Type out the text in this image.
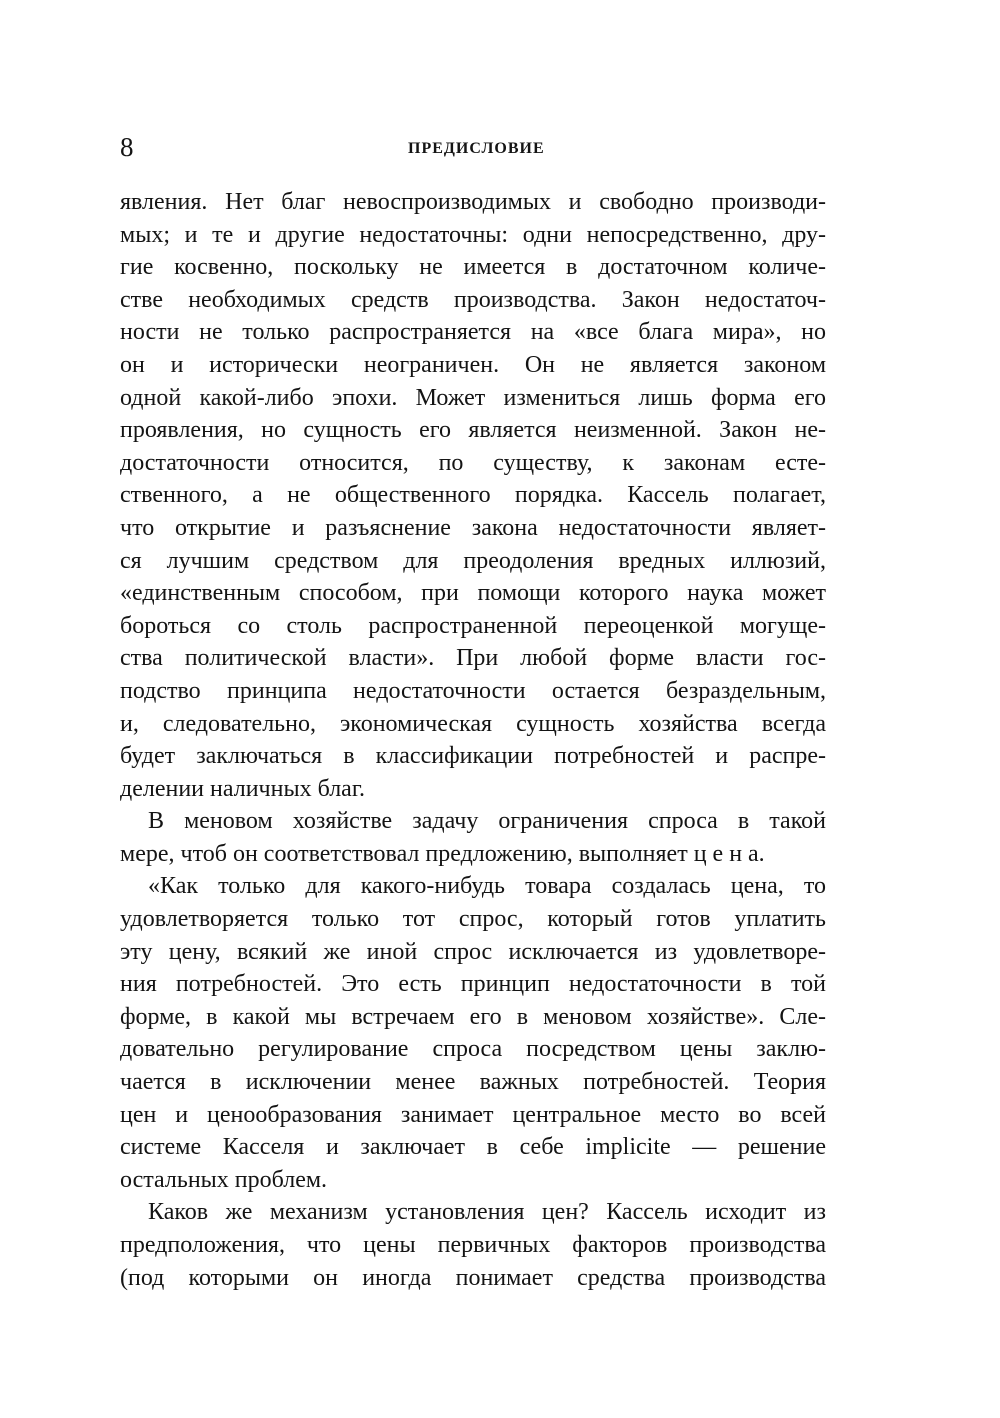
8	ПРЕДИСЛОВИЕ
явления. Нет благ невоспроизводимых и свободно производи-
мых; и те и другие недостаточны: одни непосредственно, дру-
гие косвенно, поскольку не имеется в достаточном количе-
стве необходимых средств производства. Закон недостаточ-
ности не только распространяется на «все блага мира», но
он и исторически неограничен. Он не является законом
одной какой-либо эпохи. Может измениться лишь форма его
проявления, но сущность его является неизменной. Закон не-
достаточности относится, по существу, к законам есте-
ственного, а не общественного порядка. Кассель полагает,
что открытие и разъяснение закона недостаточности являет-
ся лучшим средством для преодоления вредных иллюзий,
«единственным способом, при помощи которого наука может
бороться со столь распространенной переоценкой могуще-
ства политической власти». При любой форме власти гос-
подство принципа недостаточности остается безраздельным,
и, следовательно, экономическая сущность хозяйства всегда
будет заключаться в классификации потребностей и распре-
делении наличных благ.
В меновом хозяйстве задачу ограничения спроса в такой
мере, чтоб он соответствовал предложению, выполняет ц е н а.
«Как только для какого-нибудь товара создалась цена, то
удовлетворяется только тот спрос, который готов уплатить
эту цену, всякий же иной спрос исключается из удовлетворе-
ния потребностей. Это есть принцип недостаточности в той
форме, в какой мы встречаем его в меновом хозяйстве». Сле-
довательно регулирование спроса посредством цены заклю-
чается в исключении менее важных потребностей. Теория
цен и ценообразования занимает центральное место во всей
системе Касселя и заключает в себе implicite — решение
остальных проблем.
Каков же механизм установления цен? Кассель исходит из
предположения, что цены первичных факторов производства
(под которыми он иногда понимает средства производства
